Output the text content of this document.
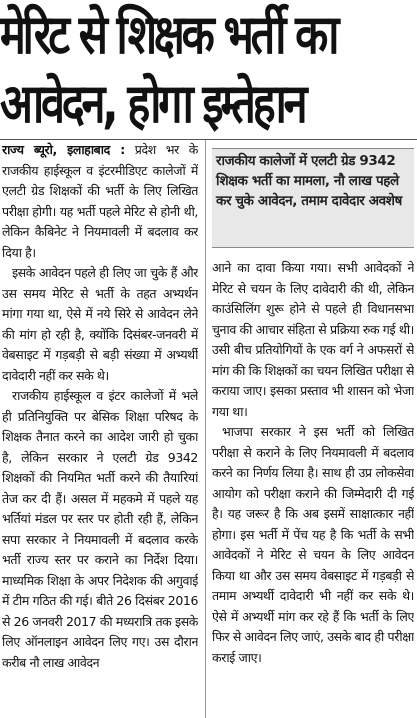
मेरिट से शिक्षक भर्ती का
आवेदन, होगा इम्तेहान

राज्य ब्यूरो, इलाहाबाद : प्रदेश भर के राजकीय हाईस्कूल व इंटरमीडिएट कालेजों में एलटी ग्रेड शिक्षकों की भर्ती के लिए लिखित परीक्षा होगी। यह भर्ती पहले मेरिट से होनी थी, लेकिन कैबिनेट ने नियमावली में बदलाव कर दिया है।

इसके आवेदन पहले ही लिए जा चुके हैं और उस समय मेरिट से भर्ती के तहत अभ्यर्थन मांगा गया था, ऐसे में नये सिरे से आवेदन लेने की मांग हो रही है, क्योंकि दिसंबर-जनवरी में वेबसाइट में गड़बड़ी से बड़ी संख्या में अभ्यर्थी दावेदारी नहीं कर सके थे।

राजकीय हाईस्कूल व इंटर कालेजों में भले ही प्रतिनियुक्ति पर बेसिक शिक्षा परिषद के शिक्षक तैनात करने का आदेश जारी हो चुका है, लेकिन सरकार ने एलटी ग्रेड 9342 शिक्षकों की नियमित भर्ती करने की तैयारियां तेज कर दी हैं। असल में महकमे में पहले यह भर्तियां मंडल पर स्तर पर होती रही हैं, लेकिन सपा सरकार ने नियमावली में बदलाव करके भर्ती राज्य स्तर पर कराने का निर्देश दिया। माध्यमिक शिक्षा के अपर निदेशक की अगुवाई में टीम गठित की गई। बीते 26 दिसंबर 2016 से 26 जनवरी 2017 की मध्यरात्रि तक इसके लिए ऑनलाइन आवेदन लिए गए। उस दौरान करीब नौ लाख आवेदन

राजकीय कालेजों में एलटी ग्रेड 9342 शिक्षक भर्ती का मामला, नौ लाख पहले कर चुके आवेदन, तमाम दावेदार अवशेष

आने का दावा किया गया। सभी आवेदकों ने मेरिट से चयन के लिए दावेदारी की थी, लेकिन काउंसिलिंग शुरू होने से पहले ही विधानसभा चुनाव की आचार संहिता से प्रक्रिया रुक गई थी। उसी बीच प्रतियोगियों के एक वर्ग ने अफसरों से मांग की कि शिक्षकों का चयन लिखित परीक्षा से कराया जाए। इसका प्रस्ताव भी शासन को भेजा गया था।

भाजपा सरकार ने इस भर्ती को लिखित परीक्षा से कराने के लिए नियमावली में बदलाव करने का निर्णय लिया है। साथ ही उप्र लोकसेवा आयोग को परीक्षा कराने की जिम्मेदारी दी गई है। यह जरूर है कि अब इसमें साक्षात्कार नहीं होगा। इस भर्ती में पेंच यह है कि भर्ती के सभी आवेदकों ने मेरिट से चयन के लिए आवेदन किया था और उस समय वेबसाइट में गड़बड़ी से तमाम अभ्यर्थी दावेदारी भी नहीं कर सके थे। ऐसे में अभ्यर्थी मांग कर रहे हैं कि भर्ती के लिए फिर से आवेदन लिए जाएं, उसके बाद ही परीक्षा कराई जाए।
